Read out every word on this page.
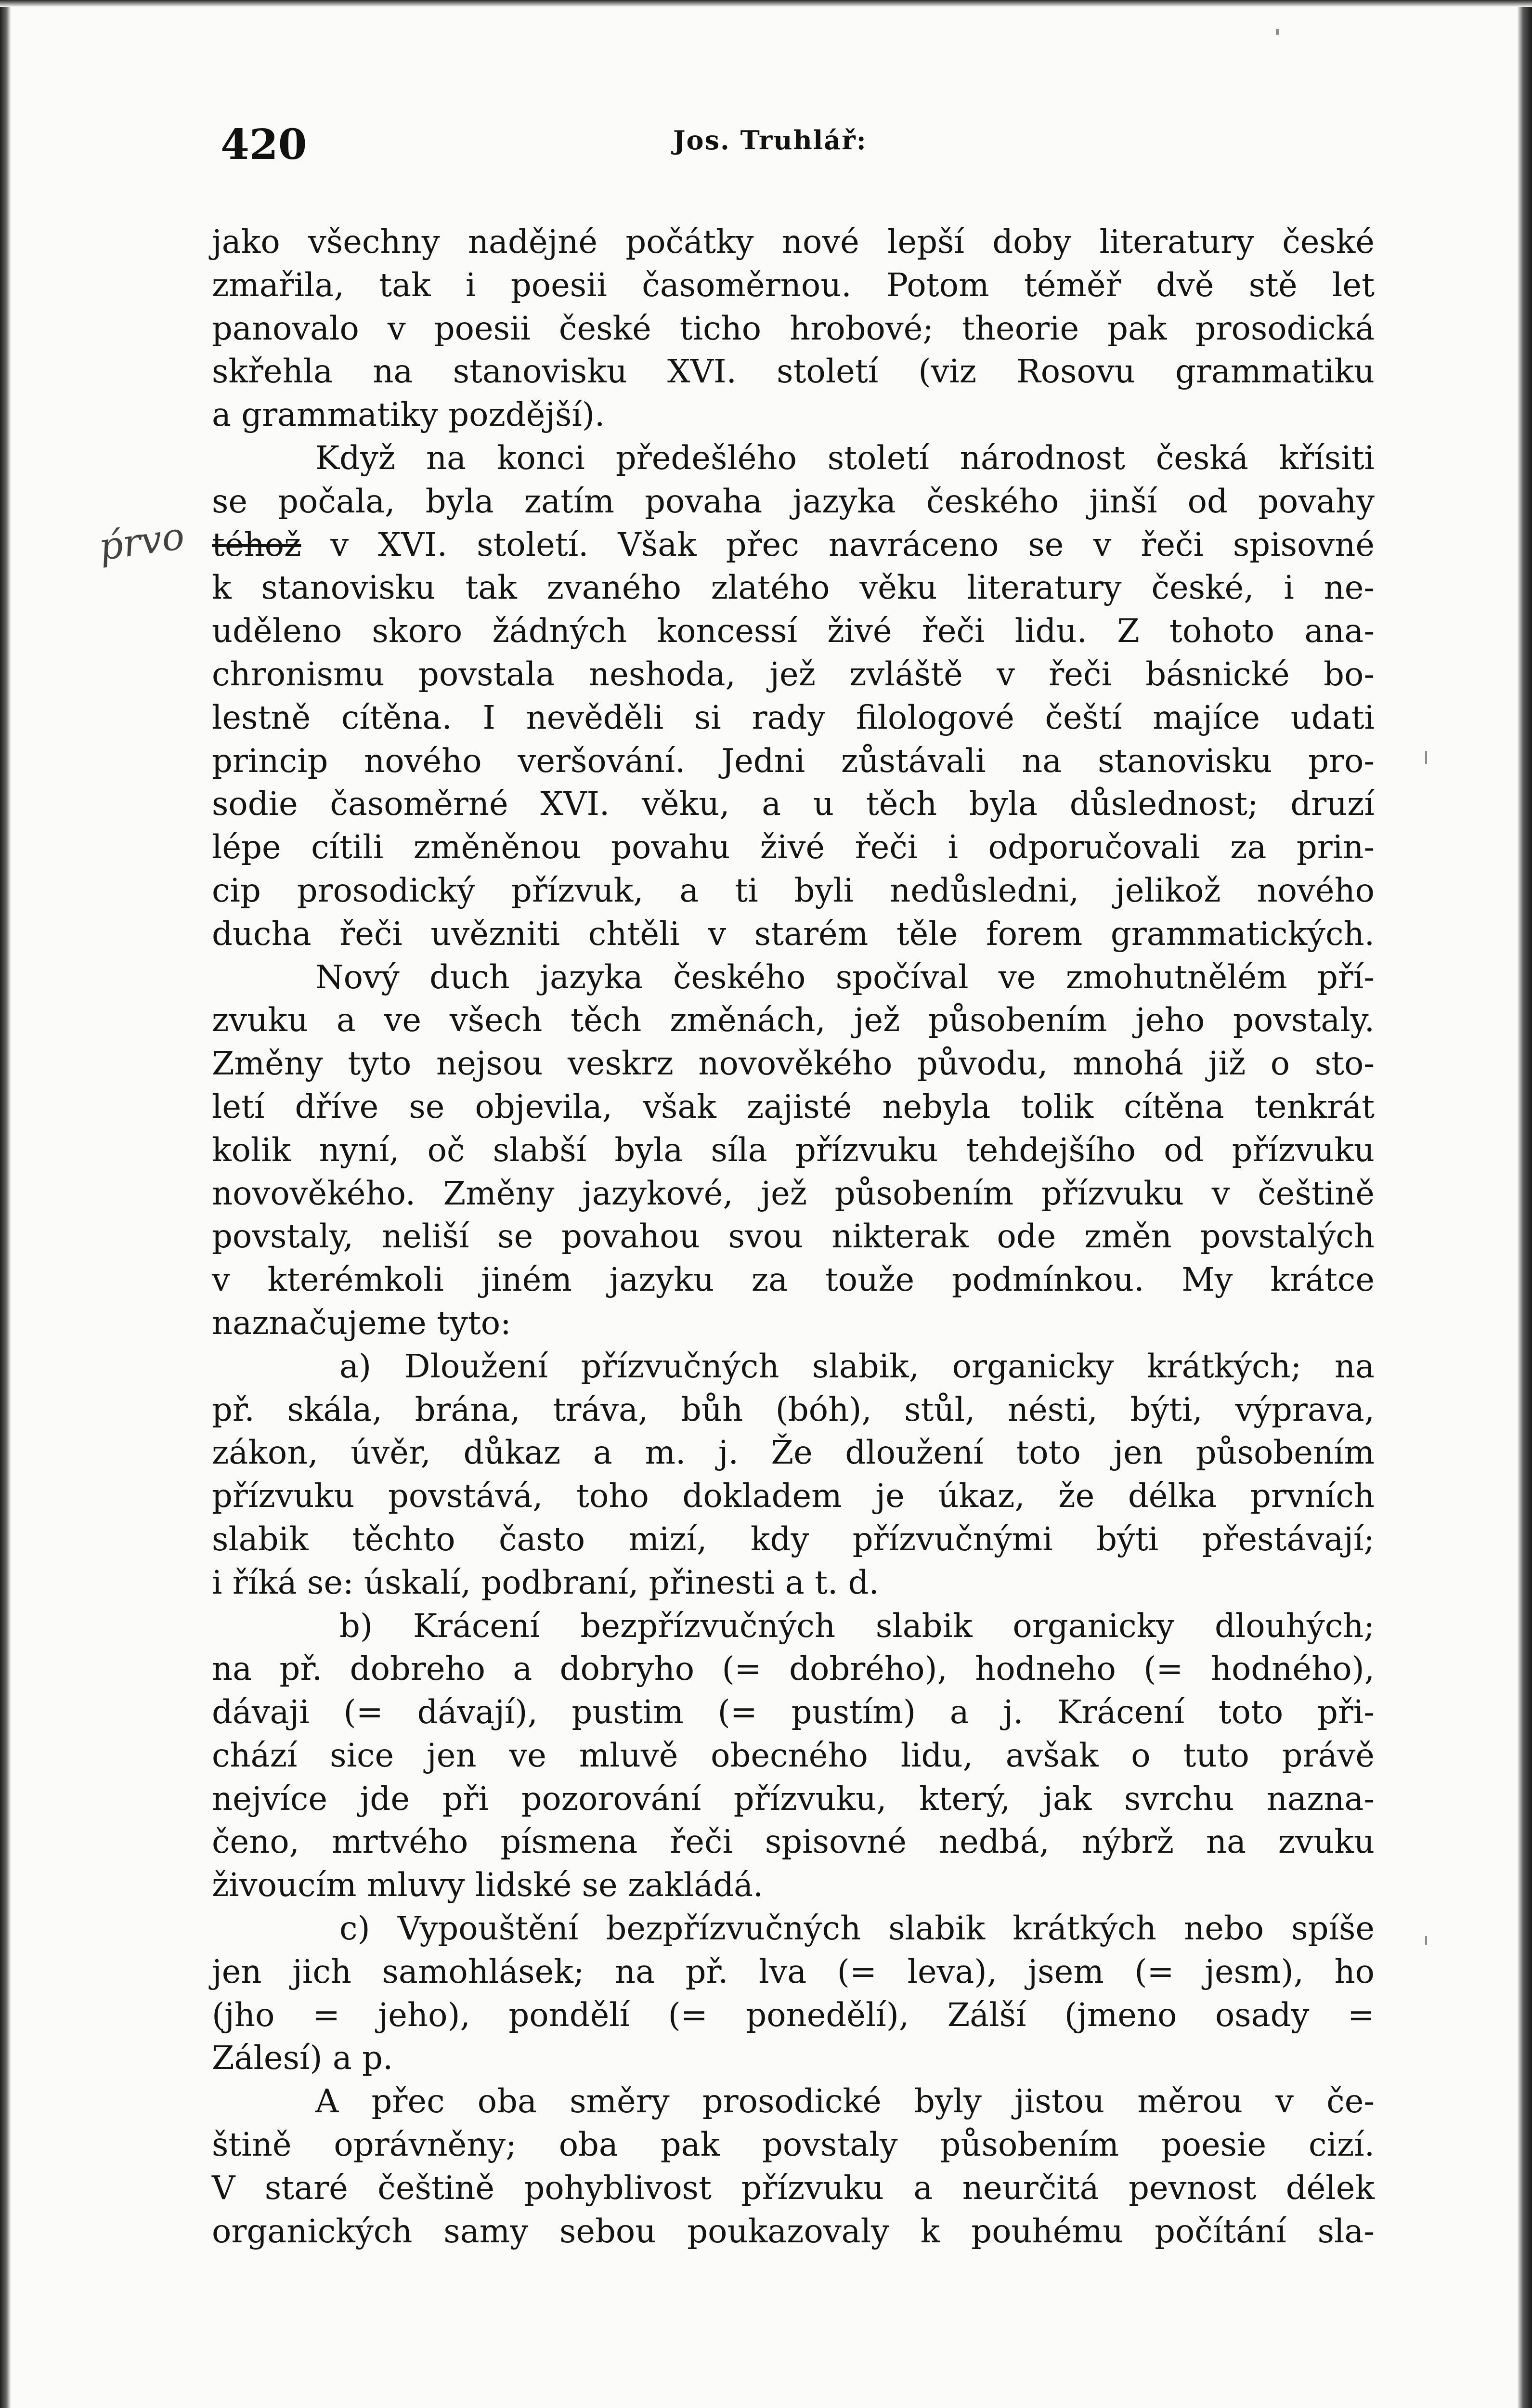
420	Jos. Truhlář:
ṕrvo
jako všechny nadějné počátky nové lepší doby literatury české
zmařila, tak i poesii časoměrnou. Potom téměř dvě stě let
panovalo v poesii české ticho hrobové; theorie pak prosodická
skřehla na stanovisku XVI. století (viz Rosovu grammatiku
a grammatiky pozdější).
Když na konci předešlého století národnost česká křísiti
se počala, byla zatím povaha jazyka českého jinší od povahy
téhož v XVI. století. Však přec navráceno se v řeči spisovné
k stanovisku tak zvaného zlatého věku literatury české, i ne-
uděleno skoro žádných koncessí živé řeči lidu. Z tohoto ana-
chronismu povstala neshoda, jež zvláště v řeči básnické bo-
lestně cítěna. I nevěděli si rady filologové čeští majíce udati
princip nového veršování. Jedni zůstávali na stanovisku pro-
sodie časoměrné XVI. věku, a u těch byla důslednost; druzí
lépe cítili změněnou povahu živé řeči i odporučovali za prin-
cip prosodický přízvuk, a ti byli nedůsledni, jelikož nového
ducha řeči uvězniti chtěli v starém těle forem grammatických.
Nový duch jazyka českého spočíval ve zmohutnělém pří-
zvuku a ve všech těch změnách, jež působením jeho povstaly.
Změny tyto nejsou veskrz novověkého původu, mnohá již o sto-
letí dříve se objevila, však zajisté nebyla tolik cítěna tenkrát
kolik nyní, oč slabší byla síla přízvuku tehdejšího od přízvuku
novověkého. Změny jazykové, jež působením přízvuku v češtině
povstaly, neliší se povahou svou nikterak ode změn povstalých
v kterémkoli jiném jazyku za touže podmínkou. My krátce
naznačujeme tyto:
a) Dloužení přízvučných slabik, organicky krátkých; na
př. skála, brána, tráva, bůh (bóh), stůl, nésti, býti, výprava,
zákon, úvěr, důkaz a m. j. Že dloužení toto jen působením
přízvuku povstává, toho dokladem je úkaz, že délka prvních
slabik těchto často mizí, kdy přízvučnými býti přestávají;
i říká se: úskalí, podbraní, přinesti a t. d.
b) Krácení bezpřízvučných slabik organicky dlouhých;
na př. dobreho a dobryho (= dobrého), hodneho (= hodného),
dávaji (= dávají), pustim (= pustím) a j. Krácení toto při-
chází sice jen ve mluvě obecného lidu, avšak o tuto právě
nejvíce jde při pozorování přízvuku, který, jak svrchu nazna-
čeno, mrtvého písmena řeči spisovné nedbá, nýbrž na zvuku
živoucím mluvy lidské se zakládá.
c) Vypouštění bezpřízvučných slabik krátkých nebo spíše
jen jich samohlásek; na př. lva (= leva), jsem (= jesm), ho
(jho = jeho), pondělí (= ponedělí), Zálší (jmeno osady =
Zálesí) a p.
A přec oba směry prosodické byly jistou měrou v če-
štině oprávněny; oba pak povstaly působením poesie cizí.
V staré češtině pohyblivost přízvuku a neurčitá pevnost délek
organických samy sebou poukazovaly k pouhému počítání sla-
